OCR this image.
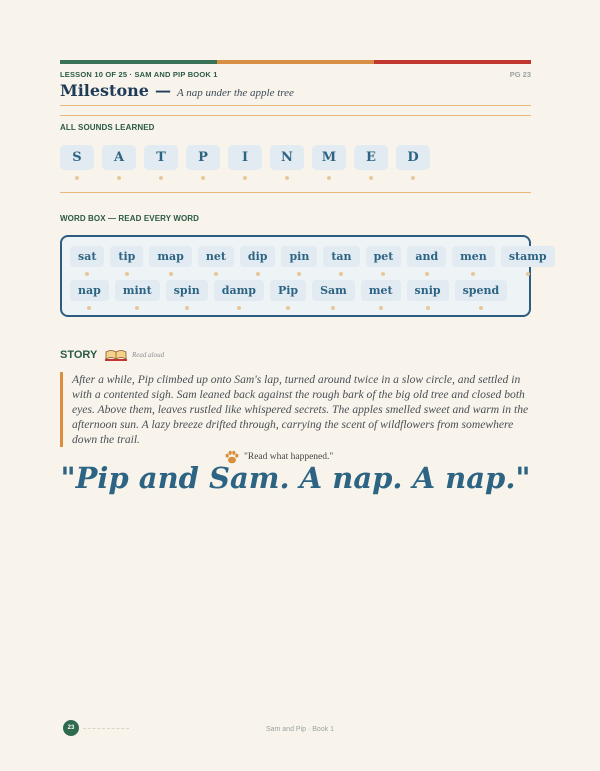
LESSON 10 OF 25 · SAM AND PIP BOOK 1	PG 23
Milestone — A nap under the apple tree
ALL SOUNDS LEARNED
S	A	T	P	I	N	M	E	D
WORD BOX — READ EVERY WORD
sat	tip	map	net	dip	pin	tan	pet	and	men	stamp
nap	mint	spin	damp	Pip	Sam	met	snip	spend
STORY	Read aloud
After a while, Pip climbed up onto Sam's lap, turned around twice in a slow circle, and settled in with a contented sigh. Sam leaned back against the rough bark of the big old tree and closed both eyes. Above them, leaves rustled like whispered secrets. The apples smelled sweet and warm in the afternoon sun. A lazy breeze drifted through, carrying the scent of wildflowers from somewhere down the trail.
"Read what happened."
"Pip and Sam. A nap. A nap."
23	Sam and Pip · Book 1
